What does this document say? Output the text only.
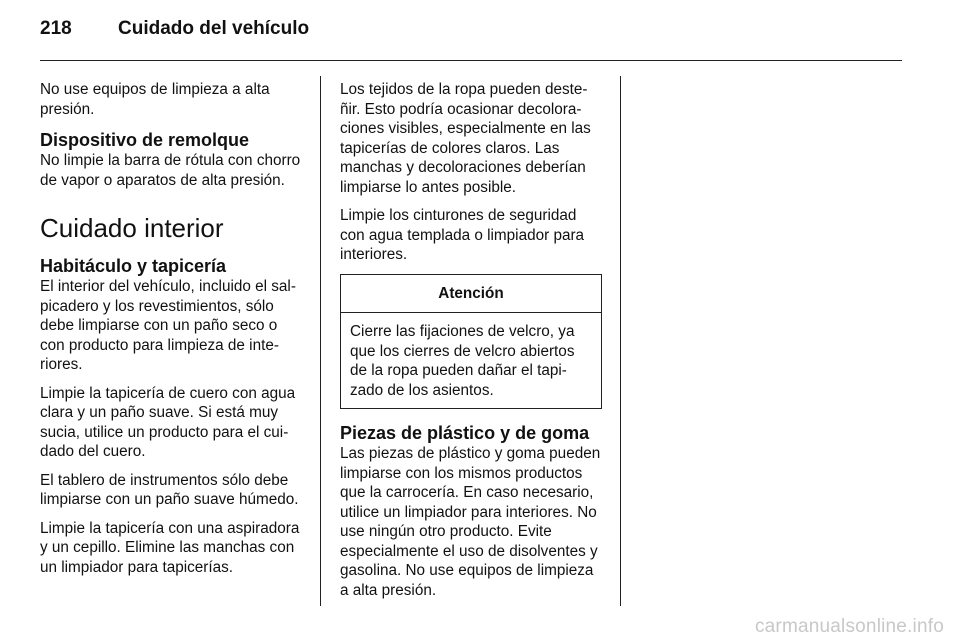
218	Cuidado del vehículo

No use equipos de limpieza a alta presión.

Dispositivo de remolque

No limpie la barra de rótula con chorro de vapor o aparatos de alta presión.

Cuidado interior
Habitáculo y tapicería

El interior del vehículo, incluido el salpicadero y los revestimientos, sólo debe limpiarse con un paño seco o con producto para limpieza de interiores.

Limpie la tapicería de cuero con agua clara y un paño suave. Si está muy sucia, utilice un producto para el cuidado del cuero.

El tablero de instrumentos sólo debe limpiarse con un paño suave húmedo.

Limpie la tapicería con una aspiradora y un cepillo. Elimine las manchas con un limpiador para tapicerías.

Los tejidos de la ropa pueden desteñir. Esto podría ocasionar decoloraciones visibles, especialmente en las tapicerías de colores claros. Las manchas y decoloraciones deberían limpiarse lo antes posible.

Limpie los cinturones de seguridad con agua templada o limpiador para interiores.

Atención
Cierre las fijaciones de velcro, ya que los cierres de velcro abiertos de la ropa pueden dañar el tapizado de los asientos.
Piezas de plástico y de goma

Las piezas de plástico y goma pueden limpiarse con los mismos productos que la carrocería. En caso necesario, utilice un limpiador para interiores. No use ningún otro producto. Evite especialmente el uso de disolventes y gasolina. No use equipos de limpieza a alta presión.

carmanualsonline.info
